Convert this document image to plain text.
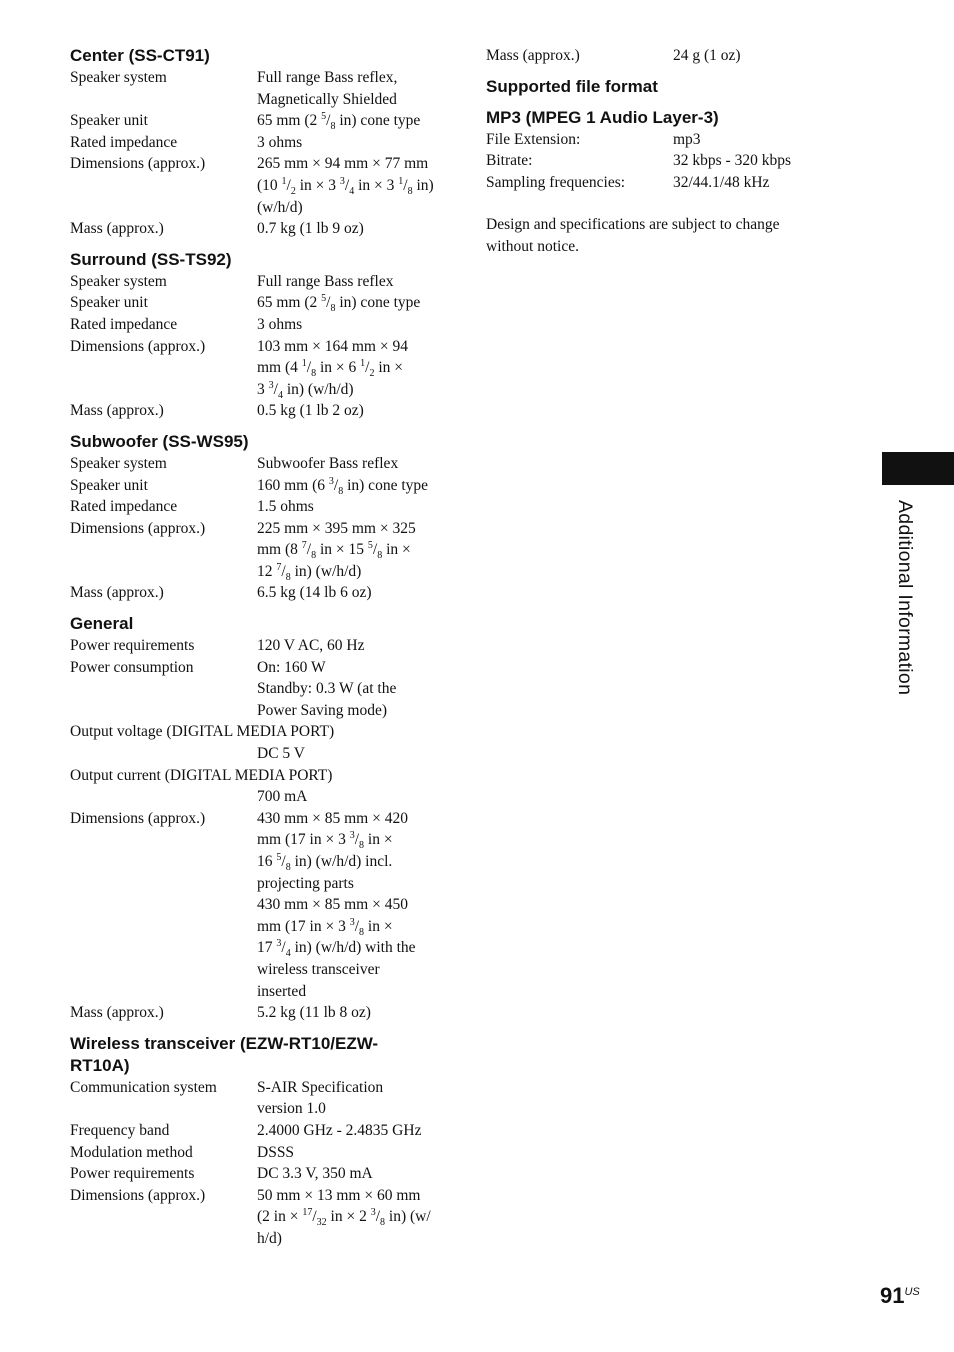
Center (SS-CT91)
Speaker system	Full range Bass reflex,
Magnetically Shielded
Speaker unit	65 mm (2 $^5/_8$ in) cone type
Rated impedance	3 ohms
Dimensions (approx.)	265 mm × 94 mm × 77 mm
(10 $^1/_2$ in × 3 $^3/_4$ in × 3 $^1/_8$ in)
(w/h/d)
Mass (approx.)	0.7 kg (1 lb 9 oz)
Surround (SS-TS92)
Speaker system	Full range Bass reflex
Speaker unit	65 mm (2 $^5/_8$ in) cone type
Rated impedance	3 ohms
Dimensions (approx.)	103 mm × 164 mm × 94
mm (4 $^1/_8$ in × 6 $^1/_2$ in ×
3 $^3/_4$ in) (w/h/d)
Mass (approx.)	0.5 kg (1 lb 2 oz)
Subwoofer (SS-WS95)
Speaker system	Subwoofer Bass reflex
Speaker unit	160 mm (6 $^3/_8$ in) cone type
Rated impedance	1.5 ohms
Dimensions (approx.)	225 mm × 395 mm × 325
mm (8 $^7/_8$ in × 15 $^5/_8$ in ×
12 $^7/_8$ in) (w/h/d)
Mass (approx.)	6.5 kg (14 lb 6 oz)
General
Power requirements	120 V AC, 60 Hz
Power consumption	On: 160 W
Standby: 0.3 W (at the
Power Saving mode)
Output voltage (DIGITAL MEDIA PORT)
DC 5 V
Output current (DIGITAL MEDIA PORT)
700 mA
Dimensions (approx.)	430 mm × 85 mm × 420
mm (17 in × 3 $^3/_8$ in ×
16 $^5/_8$ in) (w/h/d) incl.
projecting parts
430 mm × 85 mm × 450
mm (17 in × 3 $^3/_8$ in ×
17 $^3/_4$ in) (w/h/d) with the
wireless transceiver
inserted
Mass (approx.)	5.2 kg (11 lb 8 oz)
Wireless transceiver (EZW-RT10/EZW-
RT10A)
Communication system	S-AIR Specification
version 1.0
Frequency band	2.4000 GHz - 2.4835 GHz
Modulation method	DSSS
Power requirements	DC 3.3 V, 350 mA
Dimensions (approx.)	50 mm × 13 mm × 60 mm
(2 in × $^{17}/_{32}$ in × 2 $^3/_8$ in) (w/
h/d)
Mass (approx.)	24 g (1 oz)
Supported file format
MP3 (MPEG 1 Audio Layer-3)
File Extension:	mp3
Bitrate:	32 kbps - 320 kbps
Sampling frequencies:	32/44.1/48 kHz
Design and specifications are subject to change
without notice.
Additional Information
$91^{US}$
